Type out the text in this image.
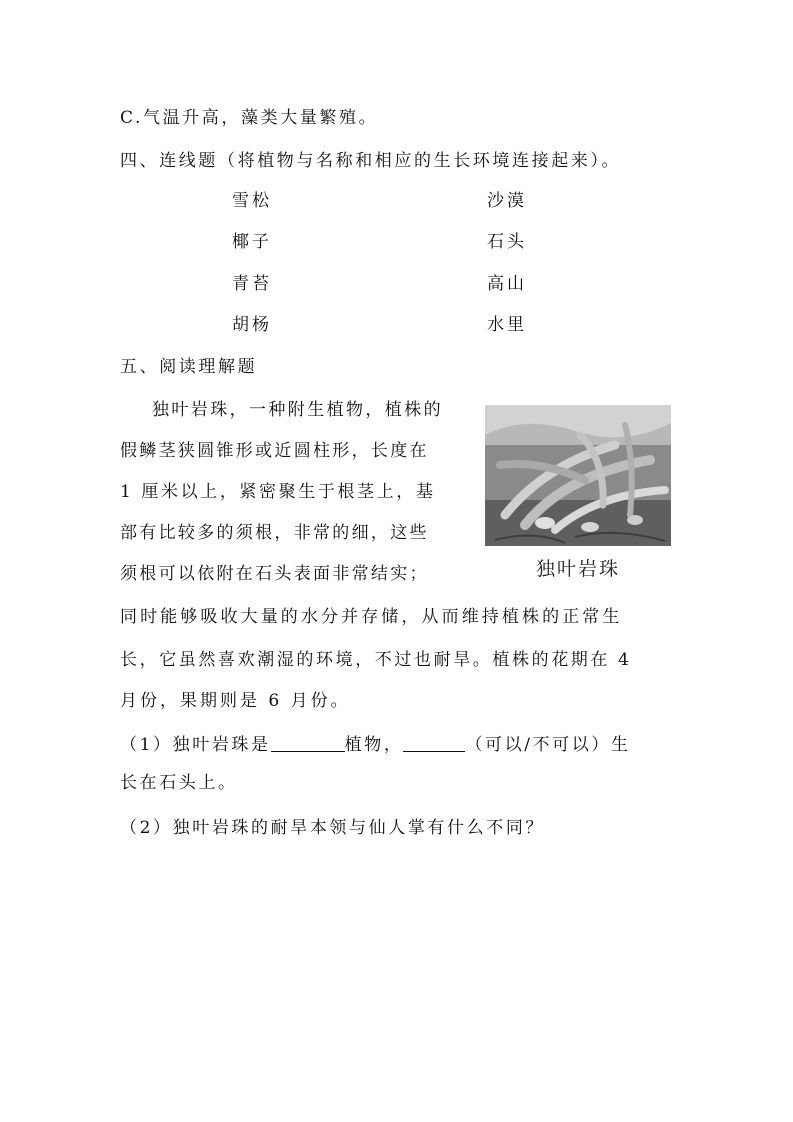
C.气温升高，藻类大量繁殖。
四、连线题（将植物与名称和相应的生长环境连接起来）。
雪松
椰子
青苔
胡杨
沙漠
石头
高山
水里
五、阅读理解题
独叶岩珠，一种附生植物，植株的
假鳞茎狭圆锥形或近圆柱形，长度在
1 厘米以上，紧密聚生于根茎上，基
部有比较多的须根，非常的细，这些
须根可以依附在石头表面非常结实；
同时能够吸收大量的水分并存储，从而维持植株的正常生
长，它虽然喜欢潮湿的环境，不过也耐旱。植株的花期在 4
月份，果期则是 6 月份。
独叶岩珠
（1）独叶岩珠是	植物，	（可以/不可以）生
长在石头上。
（2）独叶岩珠的耐旱本领与仙人掌有什么不同？
